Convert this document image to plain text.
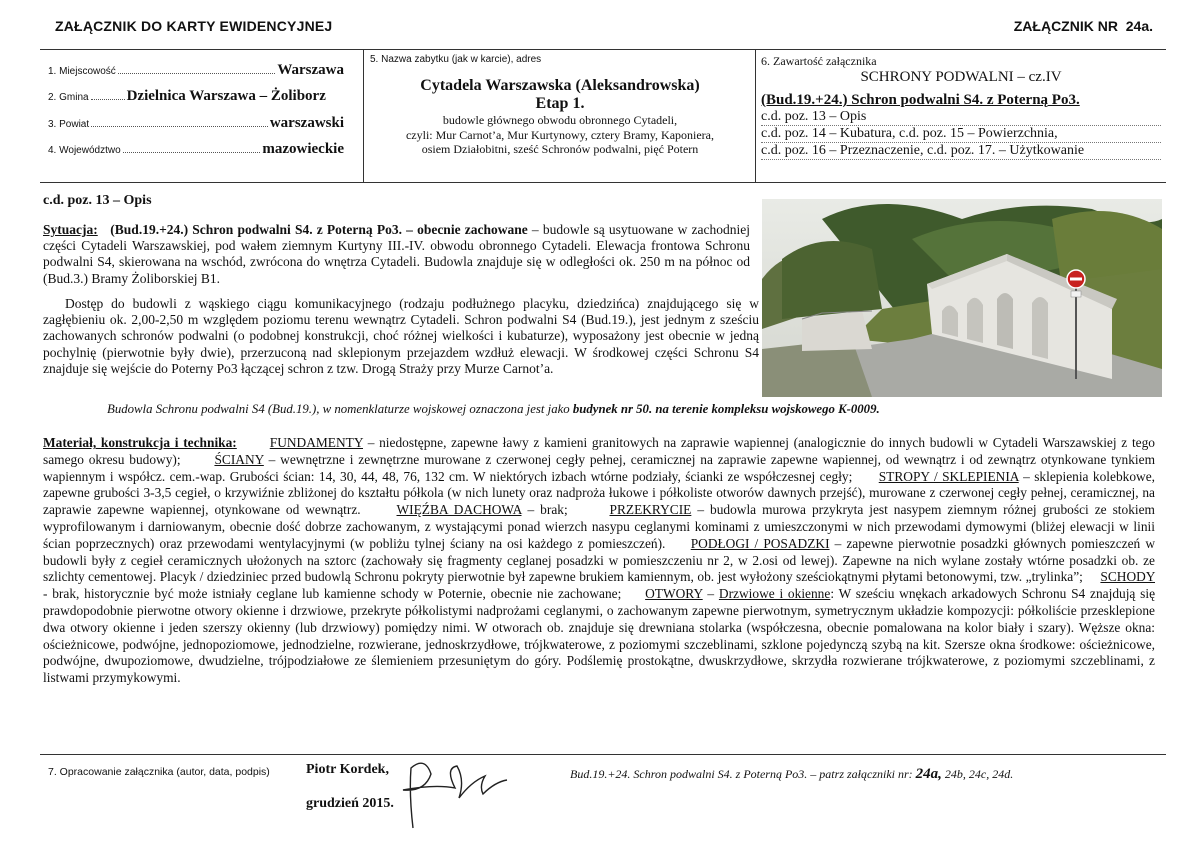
ZAŁĄCZNIK DO KARTY EWIDENCYJNEJ	ZAŁĄCZNIK NR 24a.
1. Miejscowość	Warszawa
2. Gmina	Dzielnica Warszawa – Żoliborz
3. Powiat	warszawski
4. Województwo	mazowieckie
5. Nazwa zabytku (jak w karcie), adres
Cytadela Warszawska (Aleksandrowska)
Etap 1.
budowle głównego obwodu obronnego Cytadeli,
czyli: Mur Carnot’a, Mur Kurtynowy, cztery Bramy, Kaponiera,
osiem Działobitni, sześć Schronów podwalni, pięć Potern
6. Zawartość załącznika
SCHRONY PODWALNI – cz.IV
(Bud.19.+24.) Schron podwalni S4. z Poterną Po3.
c.d. poz. 13 – Opis
c.d. poz. 14 – Kubatura, c.d. poz. 15 – Powierzchnia,
c.d. poz. 16 – Przeznaczenie, c.d. poz. 17. – Użytkowanie
c.d. poz. 13 – Opis
Sytuacja: (Bud.19.+24.) Schron podwalni S4. z Poterną Po3. – obecnie zachowane – budowle są usytuowane w zachodniej części Cytadeli Warszawskiej, pod wałem ziemnym Kurtyny III.-IV. obwodu obronnego Cytadeli. Elewacja frontowa Schronu podwalni S4, skierowana na wschód, zwrócona do wnętrza Cytadeli. Budowla znajduje się w odległości ok. 250 m na północ od (Bud.3.) Bramy Żoliborskiej B1.
Dostęp do budowli z wąskiego ciągu komunikacyjnego (rodzaju podłużnego placyku, dziedzińca) znajdującego się w zagłębieniu ok. 2,00-2,50 m względem poziomu terenu wewnątrz Cytadeli. Schron podwalni S4 (Bud.19.), jest jednym z sześciu zachowanych schronów podwalni (o podobnej konstrukcji, choć różnej wielkości i kubaturze), wyposażony jest obecnie w jedną pochylnię (pierwotnie były dwie), przerzuconą nad sklepionym przejazdem wzdłuż elewacji. W środkowej części Schronu S4 znajduje się wejście do Poterny Po3 łączącej schron z tzw. Drogą Straży przy Murze Carnot’a.
Budowla Schronu podwalni S4 (Bud.19.), w nomenklaturze wojskowej oznaczona jest jako budynek nr 50. na terenie kompleksu wojskowego K-0009.
Materiał, konstrukcja i technika: FUNDAMENTY – niedostępne, zapewne ławy z kamieni granitowych na zaprawie wapiennej (analogicznie do innych budowli w Cytadeli Warszawskiej z tego samego okresu budowy);       ŚCIANY – wewnętrzne i zewnętrzne murowane z czerwonej cegły pełnej, ceramicznej na zaprawie zapewne wapiennej, od wewnątrz i od zewnątrz otynkowane tynkiem wapiennym i współcz. cem.-wap. Grubości ścian: 14, 30, 44, 48, 76, 132 cm. W niektórych izbach wtórne podziały, ścianki ze współczesnej cegły;      STROPY / SKLEPIENIA – sklepienia kolebkowe, zapewne grubości 3-3,5 cegieł, o krzywiźnie zbliżonej do kształtu półkola (w nich lunety oraz nadproża łukowe i półkoliste otworów dawnych przejść), murowane z czerwonej cegły pełnej, ceramicznej, na zaprawie zapewne wapiennej, otynkowane od wewnątrz.      WIĘŹBA DACHOWA – brak;	PRZEKRYCIE – budowla murowa przykryta jest nasypem ziemnym różnej grubości ze stokiem wyprofilowanym i darniowanym, obecnie dość dobrze zachowanym, z wystającymi ponad wierzch nasypu ceglanymi kominami z umieszczonymi w nich przewodami dymowymi (bliżej elewacji w linii ścian poprzecznych) oraz przewodami wentylacyjnymi (w pobliżu tylnej ściany na osi każdego z pomieszczeń).     PODŁOGI / POSADZKI – zapewne pierwotnie posadzki głównych pomieszczeń w budowli były z cegieł ceramicznych ułożonych na sztorc (zachowały się fragmenty ceglanej posadzki w pomieszczeniu nr 2, w 2.osi od lewej). Zapewne na nich wylane zostały wtórne posadzki ob. ze szlichty cementowej. Placyk / dziedziniec przed budowlą Schronu pokryty pierwotnie był zapewne brukiem kamiennym, ob. jest wyłożony sześciokątnymi płytami betonowymi, tzw. „trylinka”;     SCHODY - brak, historycznie być może istniały ceglane lub kamienne schody w Poternie, obecnie nie zachowane;     OTWORY – Drzwiowe i okienne: W sześciu wnękach arkadowych Schronu S4 znajdują się prawdopodobnie pierwotne otwory okienne i drzwiowe, przekryte półkolistymi nadprożami ceglanymi, o zachowanym zapewne pierwotnym, symetrycznym układzie kompozycji: półkoliście przesklepione dwa otwory okienne i jeden szerszy okienny (lub drzwiowy) pomiędzy nimi. W otworach ob. znajduje się drewniana stolarka (współczesna, obecnie pomalowana na kolor biały i szary). Węższe okna: ościeżnicowe, podwójne, jednopoziomowe, jednodzielne, rozwierane, jednoskrzydłowe, trójkwaterowe, z poziomymi szczeblinami, szklone pojedynczą szybą na kit. Szersze okna środkowe: ościeżnicowe, podwójne, dwupoziomowe, dwudzielne, trójpodziałowe ze ślemieniem przesuniętym do góry. Podślemię prostokątne, dwuskrzydłowe, skrzydła rozwierane trójkwaterowe, z poziomymi szczeblinami, z listwami przymykowymi.
7. Opracowanie załącznika (autor, data, podpis)	Piotr Kordek,
grudzień 2015.
Bud.19.+24. Schron podwalni S4. z Poterną Po3. – patrz załączniki nr: 24a, 24b, 24c, 24d.
